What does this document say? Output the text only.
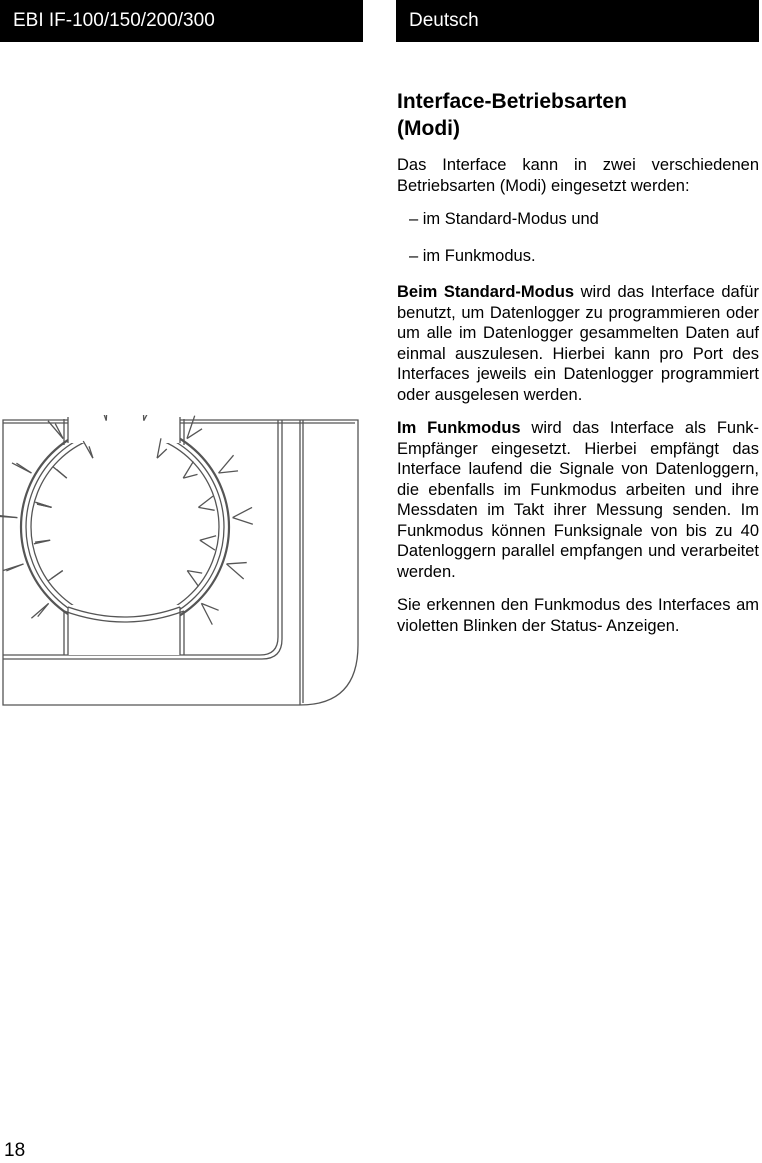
EBI IF-100/150/200/300	Deutsch
Interface-Betriebsarten
(Modi)

Das Interface kann in zwei verschiedenen Betriebsarten (Modi) eingesetzt werden:

– im Standard-Modus und

– im Funkmodus.

Beim Standard-Modus wird das Interface dafür benutzt, um Datenlogger zu programmieren oder um alle im Datenlogger gesammelten Daten auf einmal auszulesen. Hierbei kann pro Port des Interfaces jeweils ein Datenlogger programmiert oder ausgelesen werden.

Im Funkmodus wird das Interface als Funk-Empfänger eingesetzt. Hierbei empfängt das Interface laufend die Signale von Datenloggern, die ebenfalls im Funkmodus arbeiten und ihre Messdaten im Takt ihrer Messung senden. Im Funkmodus können Funksignale von bis zu 40 Datenloggern parallel empfangen und verarbeitet werden.

Sie erkennen den Funkmodus des Interfaces am violetten Blinken der Status- Anzeigen.

18
